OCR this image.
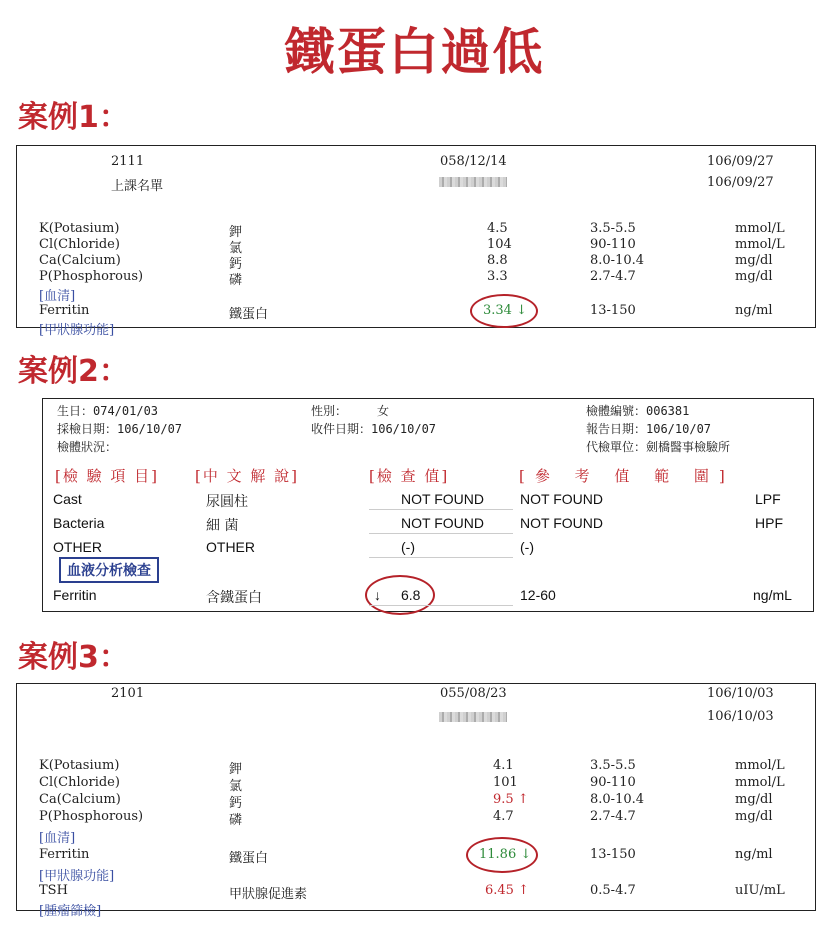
鐵蛋白過低
案例1：
2111	058/12/14	106/09/27
上課名單	106/09/27
K(Potasium)	鉀	4.5	3.5-5.5	mmol/L
Cl(Chloride)	氯	104	90-110	mmol/L
Ca(Calcium)	鈣	8.8	8.0-10.4	mg/dl
P(Phosphorous)	磷	3.3	2.7-4.7	mg/dl
[血清]
Ferritin	鐵蛋白	3.34 ↓	13-150	ng/ml
[甲狀腺功能]
案例2：
生日：074/01/03	性別： 女	檢體編號：006381
採檢日期：106/10/07	收件日期：106/10/07	報告日期：106/10/07
檢體狀況：	代檢單位：劍橋醫事檢驗所
[檢 驗 項 目] [中 文 解 說]	[檢 查 值]	[參 考 值 範 圍]
Cast	尿圓柱	NOT FOUND	NOT FOUND	LPF
Bacteria	細 菌	NOT FOUND	NOT FOUND	HPF
OTHER	OTHER	(-)	(-)
血液分析檢查
Ferritin	含鐵蛋白	↓ 6.8	12-60	ng/mL
案例3：
2101	055/08/23	106/10/03
106/10/03
K(Potasium)	鉀	4.1	3.5-5.5	mmol/L
Cl(Chloride)	氯	101	90-110	mmol/L
Ca(Calcium)	鈣	9.5 ↑	8.0-10.4	mg/dl
P(Phosphorous)	磷	4.7	2.7-4.7	mg/dl
[血清]
Ferritin	鐵蛋白	11.86 ↓	13-150	ng/ml
[甲狀腺功能]
TSH	甲狀腺促進素	6.45 ↑	0.5-4.7	uIU/mL
[腫瘤篩檢]
